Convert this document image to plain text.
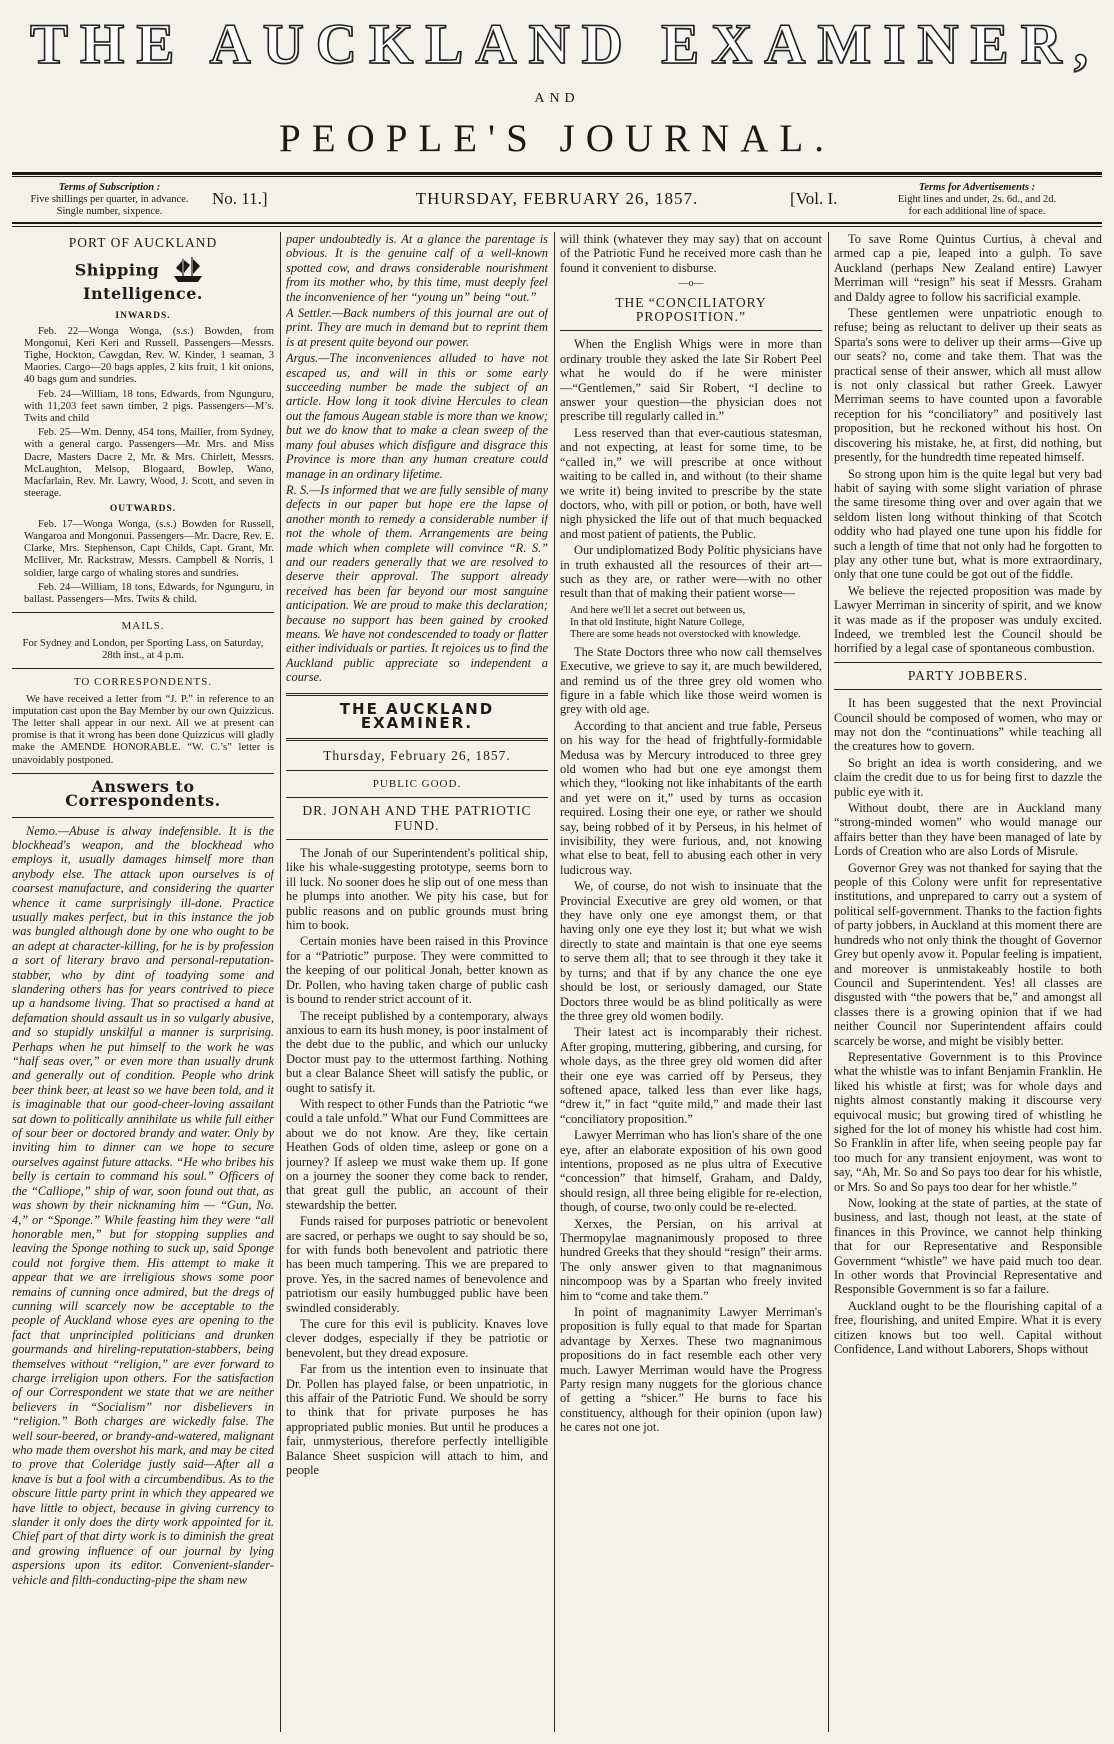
THE AUCKLAND EXAMINER,
AND
PEOPLE'S JOURNAL.
Terms of Subscription :
Five shillings per quarter, in advance.
Single number, sixpence.
No. 11.]	THURSDAY, FEBRUARY 26, 1857.	[Vol. I.
Terms for Advertisements :
Eight lines and under, 2s. 6d., and 2d.
for each additional line of space.
PORT OF AUCKLAND
Shipping  Intelligence.
INWARDS.

Feb. 22—Wonga Wonga, (s.s.) Bowden, from Mongonui, Keri Keri and Russell. Passengers—Messrs. Tighe, Hockton, Cawgdan, Rev. W. Kinder, 1 seaman, 3 Maories. Cargo—20 bags apples, 2 kits fruit, 1 kit onions, 40 bags gum and sundries.

Feb. 24—William, 18 tons, Edwards, from Ngunguru, with 11,203 feet sawn timber, 2 pigs. Passengers—M’s. Twits and child

Feb. 25—Wm. Denny, 454 tons, Mailler, from Sydney, with a general cargo. Passengers—Mr. Mrs. and Miss Dacre, Masters Dacre 2, Mr. & Mrs. Chirlett, Messrs. McLaughton, Melsop, Blogaard, Bowlep, Wano, Macfarlain, Rev. Mr. Lawry, Wood, J. Scott, and seven in steerage.

OUTWARDS.

Feb. 17—Wonga Wonga, (s.s.) Bowden for Russell, Wangaroa and Mongonui. Passengers—Mr. Dacre, Rev. E. Clarke, Mrs. Stephenson, Capt Childs, Capt. Grant, Mr. McIliver, Mr. Rackstraw, Messrs. Campbell & Norris, 1 soldier, large cargo of whaling stores and sundries.

Feb. 24—William, 18 tons, Edwards, for Ngunguru, in ballast. Passengers—Mrs. Twits & child.

MAILS.

For Sydney and London, per Sporting Lass, on Saturday, 28th inst., at 4 p.m.

TO CORRESPONDENTS.

We have received a letter from “J. P.” in reference to an imputation cast upon the Bay Member by our own Quizzicus. The letter shall appear in our next. All we at present can promise is that it wrong has been done Quizzicus will gladly make the AMENDE HONORABLE. “W. C.’s” letter is unavoidably postponed.

Answers to Correspondents.

Nemo.—Abuse is alway indefensible. It is the blockhead's weapon, and the blockhead who employs it, usually damages himself more than anybody else. The attack upon ourselves is of coarsest manufacture, and considering the quarter whence it came surprisingly ill-done. Practice usually makes perfect, but in this instance the job was bungled although done by one who ought to be an adept at character-killing, for he is by profession a sort of literary bravo and personal-reputation-stabber, who by dint of toadying some and slandering others has for years contrived to piece up a handsome living. That so practised a hand at defamation should assault us in so vulgarly abusive, and so stupidly unskilful a manner is surprising. Perhaps when he put himself to the work he was “half seas over,” or even more than usually drunk and generally out of condition. People who drink beer think beer, at least so we have been told, and it is imaginable that our good-cheer-loving assailant sat down to politically annihilate us while full either of sour beer or doctored brandy and water. Only by inviting him to dinner can we hope to secure ourselves against future attacks. “He who bribes his belly is certain to command his soul.” Officers of the “Calliope,” ship of war, soon found out that, as was shown by their nicknaming him — “Gun, No. 4,” or “Sponge.” While feasting him they were “all honorable men,” but for stopping supplies and leaving the Sponge nothing to suck up, said Sponge could not forgive them. His attempt to make it appear that we are irreligious shows some poor remains of cunning once admired, but the dregs of cunning will scarcely now be acceptable to the people of Auckland whose eyes are opening to the fact that unprincipled politicians and drunken gourmands and hireling-reputation-stabbers, being themselves without “religion,” are ever forward to charge irreligion upon others. For the satisfaction of our Correspondent we state that we are neither believers in “Socialism” nor disbelievers in “religion.” Both charges are wickedly false. The well sour-beered, or brandy-and-watered, malignant who made them overshot his mark, and may be cited to prove that Coleridge justly said—After all a knave is but a fool with a circumbendibus. As to the obscure little party print in which they appeared we have little to object, because in giving currency to slander it only does the dirty work appointed for it. Chief part of that dirty work is to diminish the great and growing influence of our journal by lying aspersions upon its editor. Convenient-slander-vehicle and filth-conducting-pipe the sham new

paper undoubtedly is. At a glance the parentage is obvious. It is the genuine calf of a well-known spotted cow, and draws considerable nourishment from its mother who, by this time, must deeply feel the inconvenience of her “young un” being “out.”

A Settler.—Back numbers of this journal are out of print. They are much in demand but to reprint them is at present quite beyond our power.

Argus.—The inconveniences alluded to have not escaped us, and will in this or some early succeeding number be made the subject of an article. How long it took divine Hercules to clean out the famous Augean stable is more than we know; but we do know that to make a clean sweep of the many foul abuses which disfigure and disgrace this Province is more than any human creature could manage in an ordinary lifetime.

R. S.—Is informed that we are fully sensible of many defects in our paper but hope ere the lapse of another month to remedy a considerable number if not the whole of them. Arrangements are being made which when complete will convince “R. S.” and our readers generally that we are resolved to deserve their approval. The support already received has been far beyond our most sanguine anticipation. We are proud to make this declaration; because no support has been gained by crooked means. We have not condescended to toady or flatter either individuals or parties. It rejoices us to find the Auckland public appreciate so independent a course.

THE AUCKLAND EXAMINER.
Thursday, February 26, 1857.
PUBLIC GOOD.
DR. JONAH AND THE PATRIOTIC FUND.

The Jonah of our Superintendent's political ship, like his whale-suggesting prototype, seems born to ill luck. No sooner does he slip out of one mess than he plumps into another. We pity his case, but for public reasons and on public grounds must bring him to book.

Certain monies have been raised in this Province for a “Patriotic” purpose. They were committed to the keeping of our political Jonah, better known as Dr. Pollen, who having taken charge of public cash is bound to render strict account of it.

The receipt published by a contemporary, always anxious to earn its hush money, is poor instalment of the debt due to the public, and which our unlucky Doctor must pay to the uttermost farthing. Nothing but a clear Balance Sheet will satisfy the public, or ought to satisfy it.

With respect to other Funds than the Patriotic “we could a tale unfold.” What our Fund Committees are about we do not know. Are they, like certain Heathen Gods of olden time, asleep or gone on a journey? If asleep we must wake them up. If gone on a journey the sooner they come back to render, that great gull the public, an account of their stewardship the better.

Funds raised for purposes patriotic or benevolent are sacred, or perhaps we ought to say should be so, for with funds both benevolent and patriotic there has been much tampering. This we are prepared to prove. Yes, in the sacred names of benevolence and patriotism our easily humbugged public have been swindled considerably.

The cure for this evil is publicity. Knaves love clever dodges, especially if they be patriotic or benevolent, but they dread exposure.

Far from us the intention even to insinuate that Dr. Pollen has played false, or been unpatriotic, in this affair of the Patriotic Fund. We should be sorry to think that for private purposes he has appropriated public monies. But until he produces a fair, unmysterious, therefore perfectly intelligible Balance Sheet suspicion will attach to him, and people

will think (whatever they may say) that on account of the Patriotic Fund he received more cash than he found it convenient to disburse.

—o—
THE “CONCILIATORY PROPOSITION.”

When the English Whigs were in more than ordinary trouble they asked the late Sir Robert Peel what he would do if he were minister—“Gentlemen,” said Sir Robert, “I decline to answer your question—the physician does not prescribe till regularly called in.”

Less reserved than that ever-cautious statesman, and not expecting, at least for some time, to be “called in,” we will prescribe at once without waiting to be called in, and without (to their shame we write it) being invited to prescribe by the state doctors, who, with pill or potion, or both, have well nigh physicked the life out of that much bequacked and most patient of patients, the Public.

Our undiplomatized Body Politic physicians have in truth exhausted all the resources of their art—such as they are, or rather were—with no other result than that of making their patient worse—

And here we'll let a secret out between us,
In that old Institute, hight Nature College,
There are some heads not overstocked with knowledge.

The State Doctors three who now call themselves Executive, we grieve to say it, are much bewildered, and remind us of the three grey old women who figure in a fable which like those weird women is grey with old age.

According to that ancient and true fable, Perseus on his way for the head of frightfully-formidable Medusa was by Mercury introduced to three grey old women who had but one eye amongst them which they, “looking not like inhabitants of the earth and yet were on it,” used by turns as occasion required. Losing their one eye, or rather we should say, being robbed of it by Perseus, in his helmet of invisibility, they were furious, and, not knowing what else to beat, fell to abusing each other in very ludicrous way.

We, of course, do not wish to insinuate that the Provincial Executive are grey old women, or that they have only one eye amongst them, or that having only one eye they lost it; but what we wish directly to state and maintain is that one eye seems to serve them all; that to see through it they take it by turns; and that if by any chance the one eye should be lost, or seriously damaged, our State Doctors three would be as blind politically as were the three grey old women bodily.

Their latest act is incomparably their richest. After groping, muttering, gibbering, and cursing, for whole days, as the three grey old women did after their one eye was carried off by Perseus, they softened apace, talked less than ever like hags, “drew it,” in fact “quite mild,” and made their last “conciliatory proposition.”

Lawyer Merriman who has lion's share of the one eye, after an elaborate exposition of his own good intentions, proposed as ne plus ultra of Executive “concession” that himself, Graham, and Daldy, should resign, all three being eligible for re-election, though, of course, two only could be re-elected.

Xerxes, the Persian, on his arrival at Thermopylae magnanimously proposed to three hundred Greeks that they should “resign” their arms. The only answer given to that magnanimous nincompoop was by a Spartan who freely invited him to “come and take them.”

In point of magnanimity Lawyer Merriman's proposition is fully equal to that made for Spartan advantage by Xerxes. These two magnanimous propositions do in fact resemble each other very much. Lawyer Merriman would have the Progress Party resign many nuggets for the glorious chance of getting a “shicer.” He burns to face his constituency, although for their opinion (upon law) he cares not one jot.

To save Rome Quintus Curtius, à cheval and armed cap a pie, leaped into a gulph. To save Auckland (perhaps New Zealand entire) Lawyer Merriman will “resign” his seat if Messrs. Graham and Daldy agree to follow his sacrificial example.

These gentlemen were unpatriotic enough to refuse; being as reluctant to deliver up their seats as Sparta's sons were to deliver up their arms—Give up our seats? no, come and take them. That was the practical sense of their answer, which all must allow is not only classical but rather Greek. Lawyer Merriman seems to have counted upon a favorable reception for his “conciliatory” and positively last proposition, but he reckoned without his host. On discovering his mistake, he, at first, did nothing, but presently, for the hundredth time repeated himself.

So strong upon him is the quite legal but very bad habit of saying with some slight variation of phrase the same tiresome thing over and over again that we seldom listen long without thinking of that Scotch oddity who had played one tune upon his fiddle for such a length of time that not only had he forgotten to play any other tune but, what is more extraordinary, only that one tune could be got out of the fiddle.

We believe the rejected proposition was made by Lawyer Merriman in sincerity of spirit, and we know it was made as if the proposer was unduly excited. Indeed, we trembled lest the Council should be horrified by a legal case of spontaneous combustion.

PARTY JOBBERS.

It has been suggested that the next Provincial Council should be composed of women, who may or may not don the “continuations” while teaching all the creatures how to govern.

So bright an idea is worth considering, and we claim the credit due to us for being first to dazzle the public eye with it.

Without doubt, there are in Auckland many “strong-minded women” who would manage our affairs better than they have been managed of late by Lords of Creation who are also Lords of Misrule.

Governor Grey was not thanked for saying that the people of this Colony were unfit for representative institutions, and unprepared to carry out a system of political self-government. Thanks to the faction fights of party jobbers, in Auckland at this moment there are hundreds who not only think the thought of Governor Grey but openly avow it. Popular feeling is impatient, and moreover is unmistakeably hostile to both Council and Superintendent. Yes! all classes are disgusted with “the powers that be,” and amongst all classes there is a growing opinion that if we had neither Council nor Superintendent affairs could scarcely be worse, and might be visibly better.

Representative Government is to this Province what the whistle was to infant Benjamin Franklin. He liked his whistle at first; was for whole days and nights almost constantly making it discourse very equivocal music; but growing tired of whistling he sighed for the lot of money his whistle had cost him. So Franklin in after life, when seeing people pay far too much for any transient enjoyment, was wont to say, “Ah, Mr. So and So pays too dear for his whistle, or Mrs. So and So pays too dear for her whistle.”

Now, looking at the state of parties, at the state of business, and last, though not least, at the state of finances in this Province, we cannot help thinking that for our Representative and Responsible Government “whistle” we have paid much too dear. In other words that Provincial Representative and Responsible Government is so far a failure.

Auckland ought to be the flourishing capital of a free, flourishing, and united Empire. What it is every citizen knows but too well. Capital without Confidence, Land without Laborers, Shops without
